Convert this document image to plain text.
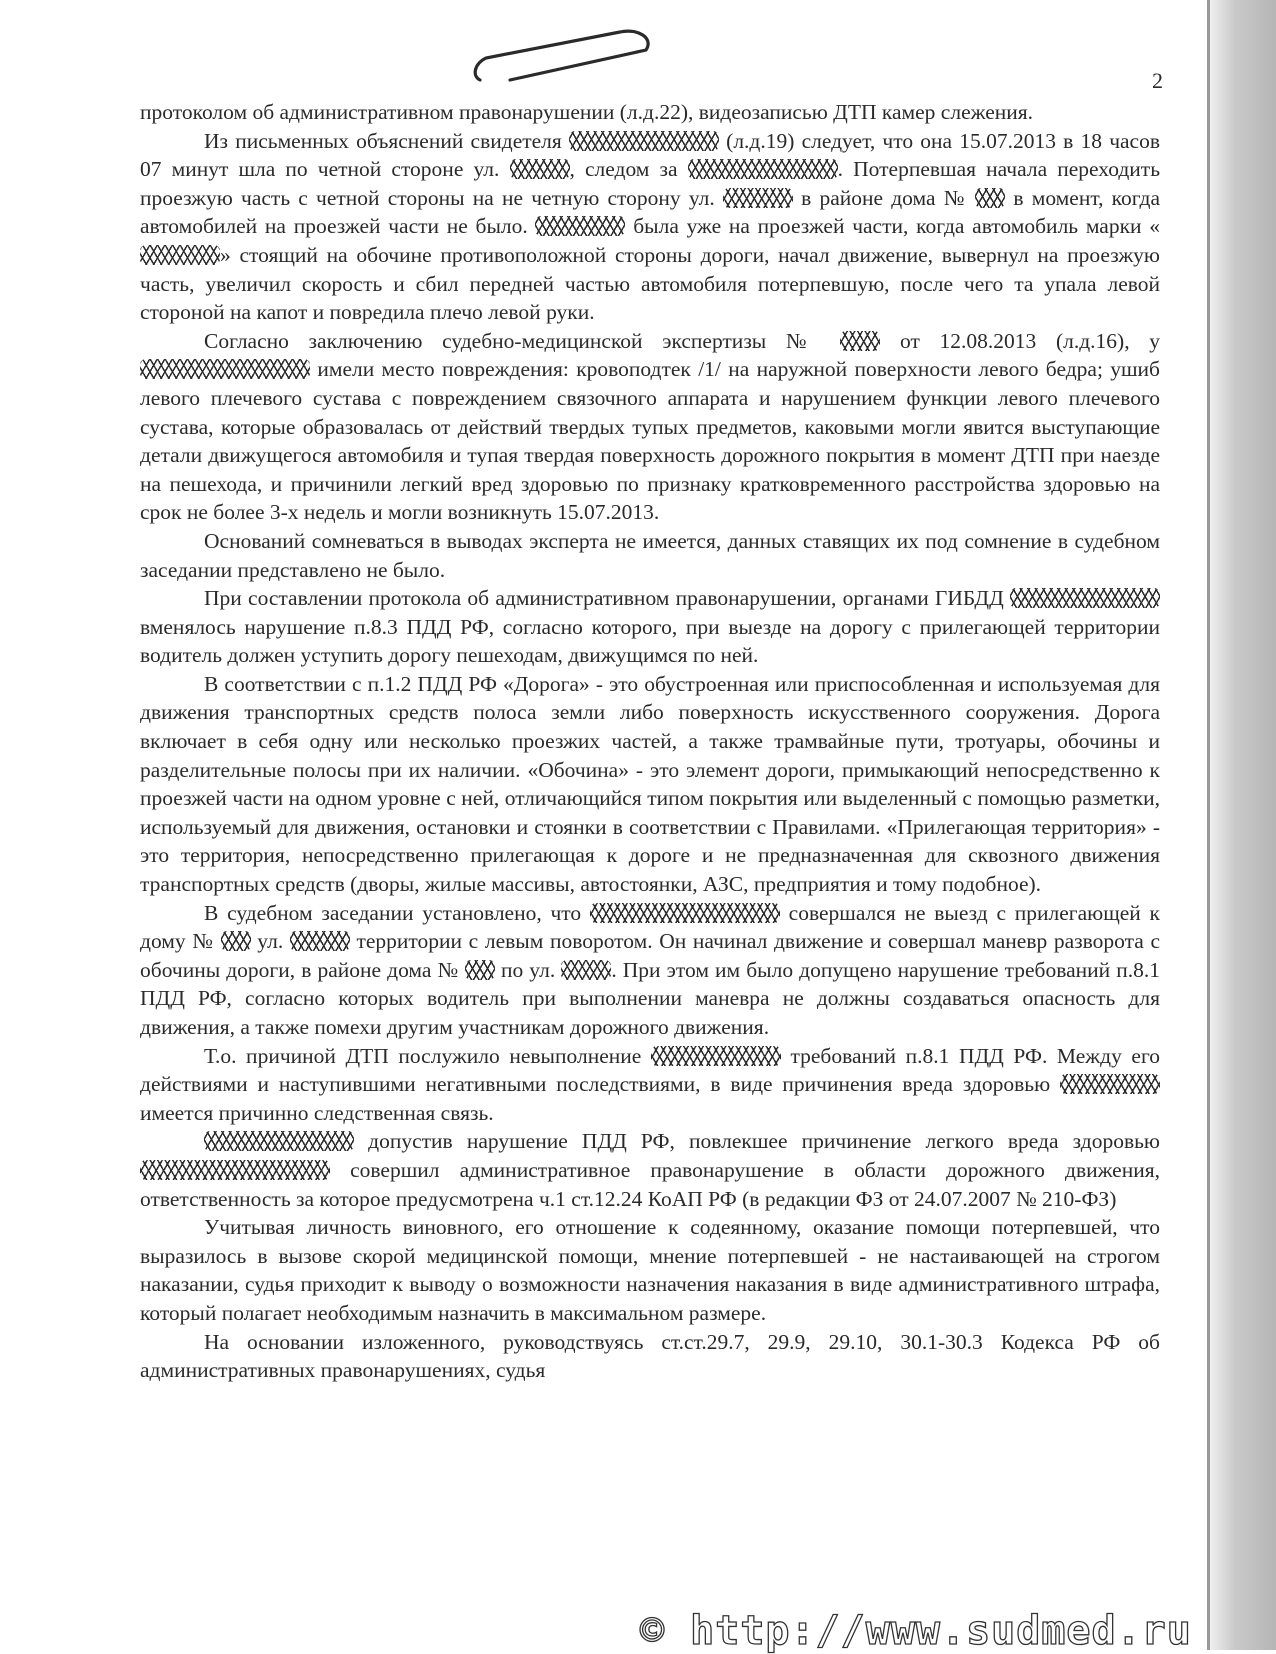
2

протоколом об административном правонарушении (л.д.22), видеозаписью ДТП камер слежения.

Из письменных объяснений свидетеля	(л.д.19) следует, что она 15.07.2013 в 18 часов 07 минут шла по четной стороне ул.	, следом за	. Потерпевшая начала переходить проезжую часть с четной стороны на не четную сторону ул.	в районе дома №  в момент, когда автомобилей на проезжей части не было.	была уже на проезжей части, когда автомобиль марки «» стоящий на обочине противоположной стороны дороги, начал движение, вывернул на проезжую часть, увеличил скорость и сбил передней частью автомобиля потерпевшую, после чего та упала левой стороной на капот и повредила плечо левой руки.

Согласно заключению судебно-медицинской экспертизы №  от 12.08.2013 (л.д.16), у  имели место повреждения: кровоподтек /1/ на наружной поверхности левого бедра; ушиб левого плечевого сустава с повреждением связочного аппарата и нарушением функции левого плечевого сустава, которые образовалась от действий твердых тупых предметов, каковыми могли явится выступающие детали движущегося автомобиля и тупая твердая поверхность дорожного покрытия в момент ДТП при наезде на пешехода, и причинили легкий вред здоровью по признаку кратковременного расстройства здоровью на срок не более 3-х недель и могли возникнуть 15.07.2013.

Оснований сомневаться в выводах эксперта не имеется, данных ставящих их под сомнение в судебном заседании представлено не было.

При составлении протокола об административном правонарушении, органами ГИБДД  вменялось нарушение п.8.3 ПДД РФ, согласно которого, при выезде на дорогу с прилегающей территории водитель должен уступить дорогу пешеходам, движущимся по ней.

В соответствии с п.1.2 ПДД РФ «Дорога» - это обустроенная или приспособленная и используемая для движения транспортных средств полоса земли либо поверхность искусственного сооружения. Дорога включает в себя одну или несколько проезжих частей, а также трамвайные пути, тротуары, обочины и разделительные полосы при их наличии. «Обочина» - это элемент дороги, примыкающий непосредственно к проезжей части на одном уровне с ней, отличающийся типом покрытия или выделенный с помощью разметки, используемый для движения, остановки и стоянки в соответствии с Правилами. «Прилегающая территория» - это территория, непосредственно прилегающая к дороге и не предназначенная для сквозного движения транспортных средств (дворы, жилые массивы, автостоянки, АЗС, предприятия и тому подобное).

В судебном заседании установлено, что	совершался не выезд с прилегающей к дому №  ул.	территории с левым поворотом. Он начинал движение и совершал маневр разворота с обочины дороги, в районе дома №  по ул. . При этом им было допущено нарушение требований п.8.1 ПДД РФ, согласно которых водитель при выполнении маневра не должны создаваться опасность для движения, а также помехи другим участникам дорожного движения.

Т.о. причиной ДТП послужило невыполнение	требований п.8.1 ПДД РФ. Между его действиями и наступившими негативными последствиями, в виде причинения вреда здоровью  имеется причинно следственная связь.

допустив нарушение ПДД РФ, повлекшее причинение легкого вреда здоровью  совершил административное правонарушение в области дорожного движения, ответственность за которое предусмотрена ч.1 ст.12.24 КоАП РФ (в редакции ФЗ от 24.07.2007 № 210-ФЗ)

Учитывая личность виновного, его отношение к содеянному, оказание помощи потерпевшей, что выразилось в вызове скорой медицинской помощи, мнение потерпевшей - не настаивающей на строгом наказании, судья приходит к выводу о возможности назначения наказания в виде административного штрафа, который полагает необходимым назначить в максимальном размере.

На основании изложенного, руководствуясь ст.ст.29.7, 29.9, 29.10, 30.1-30.3 Кодекса РФ об административных правонарушениях, судья

© http://www.sudmed.ru
